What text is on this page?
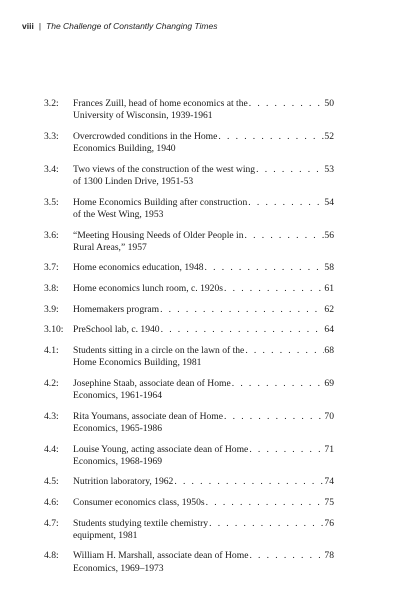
viii | The Challenge of Constantly Changing Times
3.2: Frances Zuill, head of home economics at the . . .	50
University of Wisconsin, 1939-1961
3.3: Overcrowded conditions in the Home . . .	52
Economics Building, 1940
3.4: Two views of the construction of the west wing . . .	53
of 1300 Linden Drive, 1951-53
3.5: Home Economics Building after construction . . .	54
of the West Wing, 1953
3.6: “Meeting Housing Needs of Older People in . . .	56
Rural Areas,” 1957
3.7: Home economics education, 1948 . . .	58
3.8: Home economics lunch room, c. 1920s . . .	61
3.9: Homemakers program . . .	62
3.10: PreSchool lab, c. 1940 . . .	64
4.1: Students sitting in a circle on the lawn of the . . .	68
Home Economics Building, 1981
4.2: Josephine Staab, associate dean of Home . . .	69
Economics, 1961-1964
4.3: Rita Youmans, associate dean of Home . . .	70
Economics, 1965-1986
4.4: Louise Young, acting associate dean of Home . . .	71
Economics, 1968-1969
4.5: Nutrition laboratory, 1962 . . .	74
4.6: Consumer economics class, 1950s . . .	75
4.7: Students studying textile chemistry . . .	76
equipment, 1981
4.8: William H. Marshall, associate dean of Home . . .	78
Economics, 1969–1973
